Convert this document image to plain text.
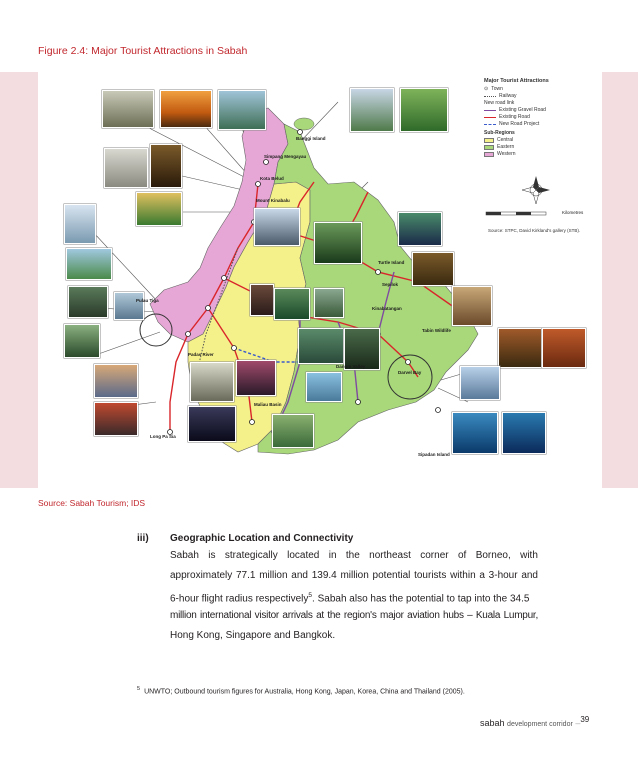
Figure 2.4: Major Tourist Attractions in Sabah
Banggi Island
Simpang Mengayau
Kota Belud
Mount Kinabalu
Turtle Island
Sepilok
Kinabatangan
Tabin Wildlife
Pulau Tiga
Padas River
Danum Valley
Darvel Bay
Maliau Basin
Long Pa Sia
Sipadan Island
Major Tourist Attractions
⊙ Town
Railway
New road link
Existing Gravel Road
Existing Road
New Road Project
Sub-Regions
Central
Eastern
Western
Kilometres
Source: STPC, David Kirkland's gallery (STB).
Source: Sabah Tourism; IDS
iii) Geographic Location and Connectivity
Sabah is strategically located in the northeast corner of Borneo, with
approximately 77.1 million and 139.4 million potential tourists within a 3-hour and
6-hour flight radius respectively$^5$. Sabah also has the potential to tap into the 34.5
million international visitor arrivals at the region's major aviation hubs – Kuala Lumpur,
Hong Kong, Singapore and Bangkok.
$^5$ UNWTO; Outbound tourism figures for Australia, Hong Kong, Japan, Korea, China and Thailand (2005).
sabah development corridor –39
